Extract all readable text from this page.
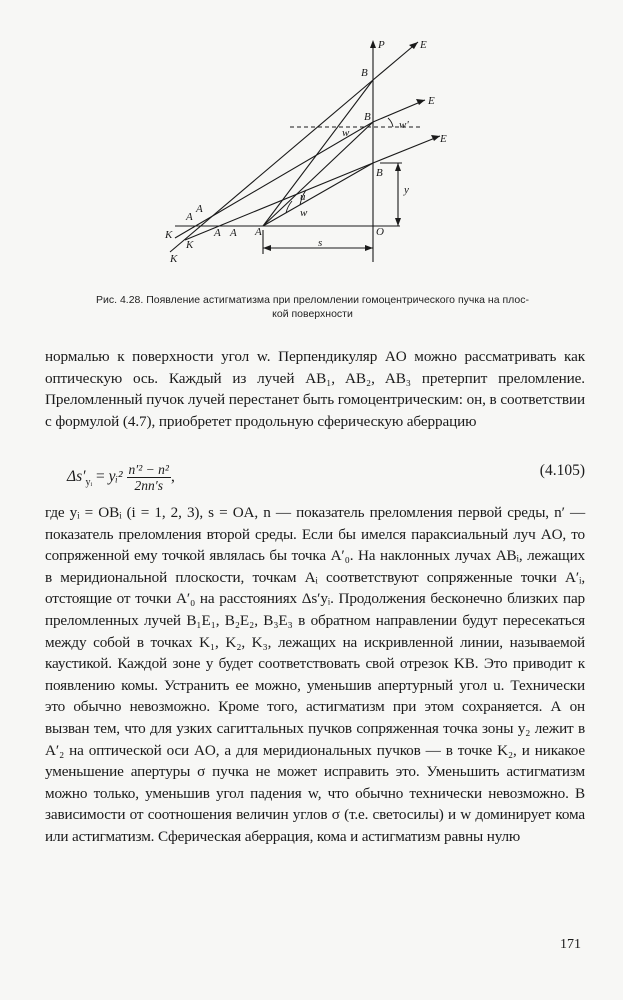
P	E
E
E
B
B
B
w'
w
w
u
y
s
A	O
A
A
A A
K
K
K
Рис. 4.28. Появление астигматизма при преломлении гомоцентрического пучка на плос-
кой поверхности

нормалью к поверхности угол w. Перпендикуляр AO можно рассматривать как оптическую ось. Каждый из лучей AB₁, AB₂, AB₃ претерпит преломление. Преломленный пучок лучей перестанет быть гомоцентрическим: он, в соответствии с формулой (4.7), приобретет продольную сферическую аберрацию

$\Delta s'_{yᵢ}$ = yᵢ² $\frac{\text{n′² − n²}}{2nn's}$ ,	(4.105)

где yᵢ = OBᵢ (i = 1, 2, 3), s = OA, n — показатель преломления первой среды, n′ — показатель преломления второй среды. Если бы имелся параксиальный луч AO, то сопряженной ему точкой являлась бы точка A′₀. На наклонных лучах ABᵢ, лежащих в меридиональной плоскости, точкам Aᵢ соответствуют сопряженные точки A′ᵢ, отстоящие от точки A′₀ на расстояниях Δs′yᵢ. Продолжения бесконечно близких пар преломленных лучей B₁E₁, B₂E₂, B₃E₃ в обратном направлении будут пересекаться между собой в точках K₁, K₂, K₃, лежащих на искривленной линии, называемой каустикой. Каждой зоне y будет соответствовать свой отрезок KB. Это приводит к появлению комы. Устранить ее можно, уменьшив апертурный угол u. Технически это обычно невозможно. Кроме того, астигматизм при этом сохраняется. А он вызван тем, что для узких сагиттальных пучков сопряженная точка зоны y₂ лежит в A′₂ на оптической оси AO, а для меридиональных пучков — в точке K₂, и никакое уменьшение апертуры σ пучка не может исправить это. Уменьшить астигматизм можно только, уменьшив угол падения w, что обычно технически невозможно. В зависимости от соотношения величин углов σ (т.е. светосилы) и w доминирует кома или астигматизм. Сферическая аберрация, кома и астигматизм равны нулю

171
